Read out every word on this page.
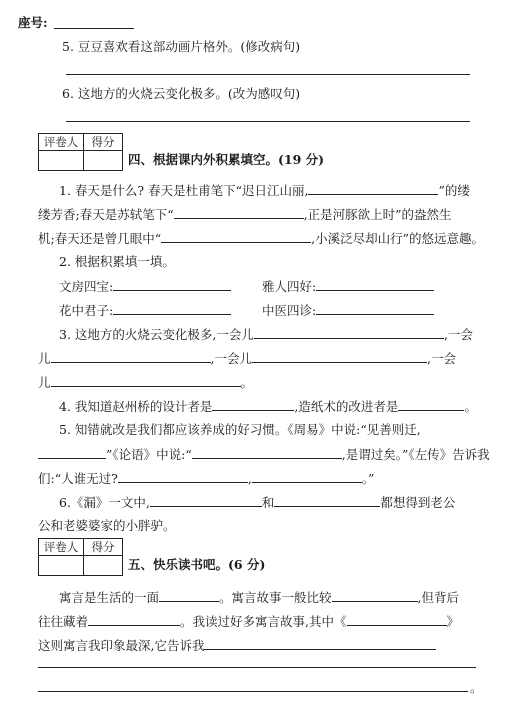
座号:
5. 豆豆喜欢看这部动画片格外。(修改病句)
6. 这地方的火烧云变化极多。(改为感叹句)
评卷人	得分

四、根据课内外积累填空。(19 分)
1. 春天是什么? 春天是杜甫笔下“迟日江山丽,	”的缕
缕芳香;春天是苏轼笔下“	,正是河豚欲上时”的盎然生
机;春天还是曾几眼中“	,小溪泛尽却山行”的悠远意趣。
2. 根据积累填一填。
文房四宝:	雅人四好:
花中君子:	中医四诊:
3. 这地方的火烧云变化极多,一会儿	,一会
儿	,一会儿	,一会
儿	。
4. 我知道赵州桥的设计者是	,造纸术的改进者是	。
5. 知错就改是我们都应该养成的好习惯。《周易》中说:“见善则迁,
”《论语》中说:“	,是谓过矣。”《左传》告诉我
们:“人谁无过?	,	。”
6.《漏》一文中,	和	都想得到老公
公和老婆婆家的小胖驴。
评卷人	得分

五、快乐读书吧。(6 分)
寓言是生活的一面	。寓言故事一般比较	,但背后
往往藏着	。我读过好多寓言故事,其中《	》
这则寓言我印象最深,它告诉我
。
